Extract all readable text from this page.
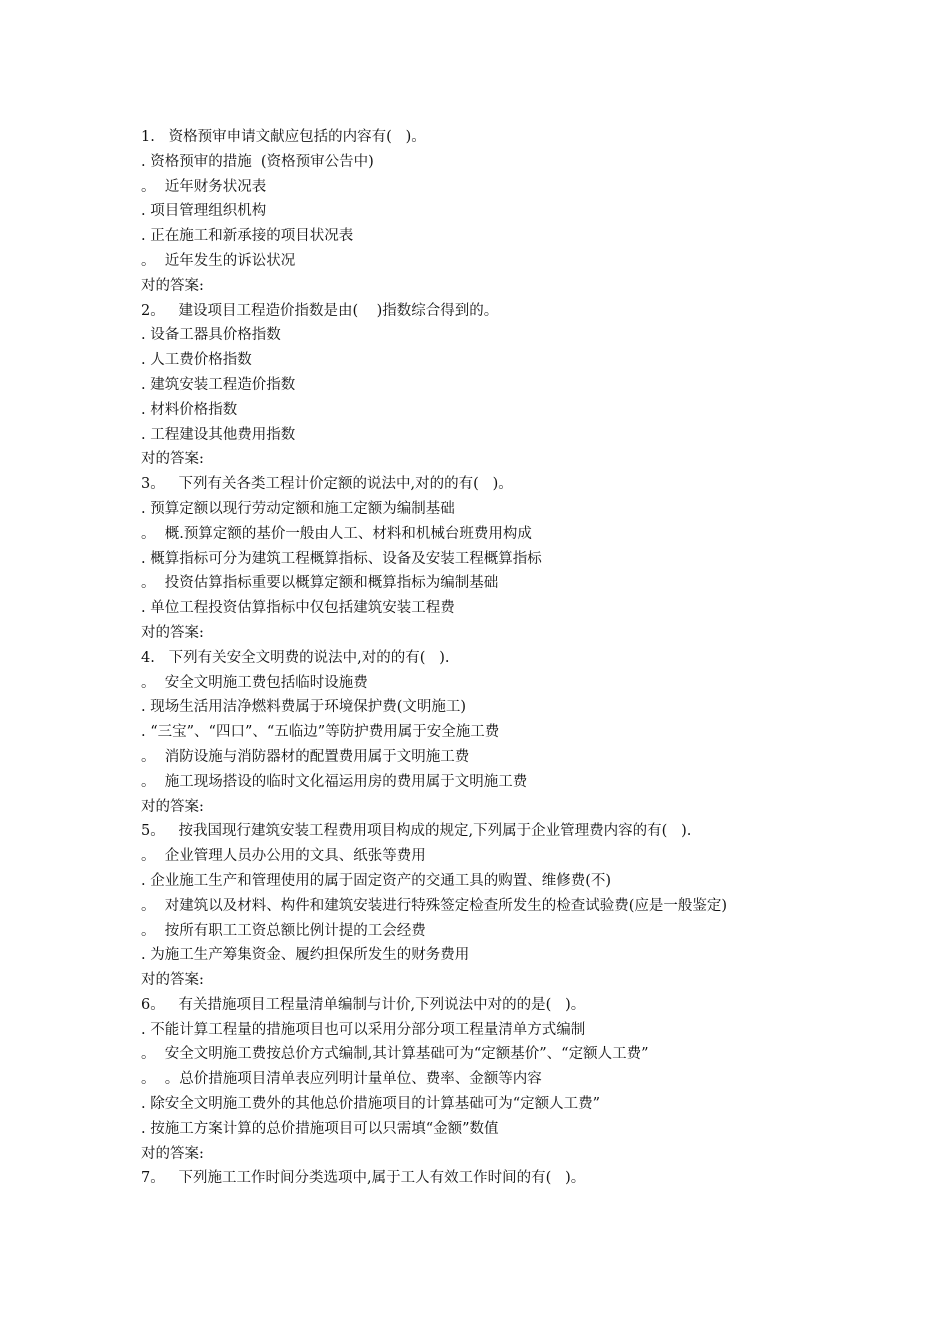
1.   资格预审申请文献应包括的内容有(   )。
. 资格预审的措施  (资格预审公告中)
。  近年财务状况表
. 项目管理组织机构
. 正在施工和新承接的项目状况表
。  近年发生的诉讼状况
对的答案:
2。   建设项目工程造价指数是由(    )指数综合得到的。
. 设备工器具价格指数
. 人工费价格指数
. 建筑安装工程造价指数
. 材料价格指数
. 工程建设其他费用指数
对的答案:
3。   下列有关各类工程计价定额的说法中,对的的有(   )。
. 预算定额以现行劳动定额和施工定额为编制基础
。  概.预算定额的基价一般由人工、材料和机械台班费用构成
. 概算指标可分为建筑工程概算指标、设备及安装工程概算指标
。  投资估算指标重要以概算定额和概算指标为编制基础
. 单位工程投资估算指标中仅包括建筑安装工程费
对的答案:
4.   下列有关安全文明费的说法中,对的的有(   ).
。  安全文明施工费包括临时设施费
. 现场生活用洁净燃料费属于环境保护费(文明施工)
. “三宝”、“四口”、“五临边”等防护费用属于安全施工费
。  消防设施与消防器材的配置费用属于文明施工费
。  施工现场搭设的临时文化福运用房的费用属于文明施工费
对的答案:
5。   按我国现行建筑安装工程费用项目构成的规定,下列属于企业管理费内容的有(   ).
。  企业管理人员办公用的文具、纸张等费用
. 企业施工生产和管理使用的属于固定资产的交通工具的购置、维修费(不)
。  对建筑以及材料、构件和建筑安装进行特殊签定检查所发生的检查试验费(应是一般鉴定)
。  按所有职工工资总额比例计提的工会经费
. 为施工生产筹集资金、履约担保所发生的财务费用
对的答案:
6。   有关措施项目工程量清单编制与计价,下列说法中对的的是(   )。
. 不能计算工程量的措施项目也可以采用分部分项工程量清单方式编制
。  安全文明施工费按总价方式编制,其计算基础可为“定额基价”、“定额人工费”
。  。总价措施项目清单表应列明计量单位、费率、金额等内容
. 除安全文明施工费外的其他总价措施项目的计算基础可为“定额人工费”
. 按施工方案计算的总价措施项目可以只需填“金额”数值
对的答案:
7。   下列施工工作时间分类选项中,属于工人有效工作时间的有(   )。
